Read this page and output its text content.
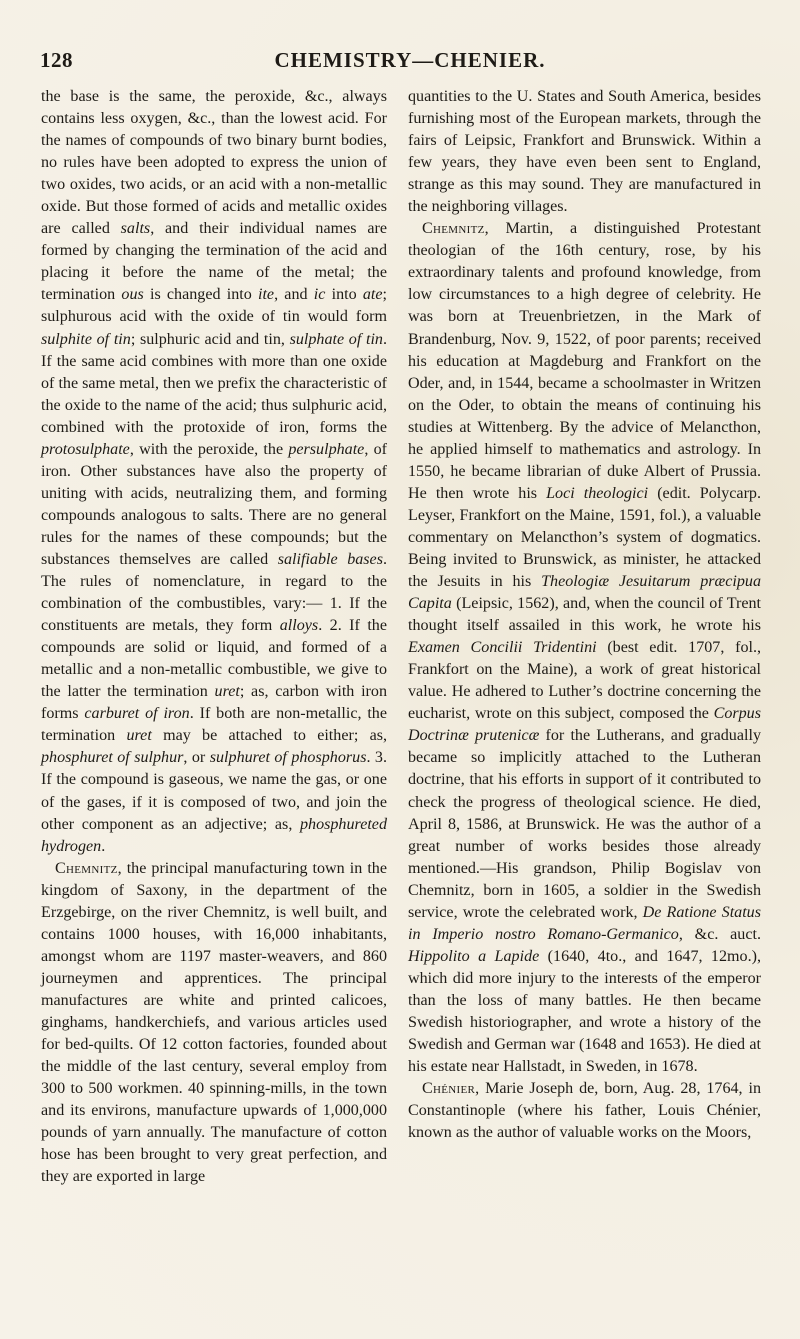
128	CHEMISTRY—CHENIER.

the base is the same, the peroxide, &c., always contains less oxygen, &c., than the lowest acid. For the names of compounds of two binary burnt bodies, no rules have been adopted to express the union of two oxides, two acids, or an acid with a non-metallic oxide. But those formed of acids and metallic oxides are called salts, and their individual names are formed by changing the termination of the acid and placing it before the name of the metal; the termination ous is changed into ite, and ic into ate; sulphurous acid with the oxide of tin would form sulphite of tin; sulphuric acid and tin, sulphate of tin. If the same acid combines with more than one oxide of the same metal, then we prefix the characteristic of the oxide to the name of the acid; thus sulphuric acid, combined with the protoxide of iron, forms the protosulphate, with the peroxide, the persulphate, of iron. Other substances have also the property of uniting with acids, neutralizing them, and forming compounds analogous to salts. There are no general rules for the names of these compounds; but the substances themselves are called salifiable bases. The rules of nomenclature, in regard to the combination of the combustibles, vary:— 1. If the constituents are metals, they form alloys. 2. If the compounds are solid or liquid, and formed of a metallic and a non-metallic combustible, we give to the latter the termination uret; as, carbon with iron forms carburet of iron. If both are non-metallic, the termination uret may be attached to either; as, phosphuret of sulphur, or sulphuret of phosphorus. 3. If the compound is gaseous, we name the gas, or one of the gases, if it is composed of two, and join the other component as an adjective; as, phosphureted hydrogen.

Chemnitz, the principal manufacturing town in the kingdom of Saxony, in the department of the Erzgebirge, on the river Chemnitz, is well built, and contains 1000 houses, with 16,000 inhabitants, amongst whom are 1197 master-weavers, and 860 journeymen and apprentices. The principal manufactures are white and printed calicoes, ginghams, handkerchiefs, and various articles used for bed-quilts. Of 12 cotton factories, founded about the middle of the last century, several employ from 300 to 500 workmen. 40 spinning-mills, in the town and its environs, manufacture upwards of 1,000,000 pounds of yarn annually. The manufacture of cotton hose has been brought to very great perfection, and they are exported in large

quantities to the U. States and South America, besides furnishing most of the European markets, through the fairs of Leipsic, Frankfort and Brunswick. Within a few years, they have even been sent to England, strange as this may sound. They are manufactured in the neighboring villages.

Chemnitz, Martin, a distinguished Protestant theologian of the 16th century, rose, by his extraordinary talents and profound knowledge, from low circumstances to a high degree of celebrity. He was born at Treuenbrietzen, in the Mark of Brandenburg, Nov. 9, 1522, of poor parents; received his education at Magdeburg and Frankfort on the Oder, and, in 1544, became a schoolmaster in Writzen on the Oder, to obtain the means of continuing his studies at Wittenberg. By the advice of Melancthon, he applied himself to mathematics and astrology. In 1550, he became librarian of duke Albert of Prussia. He then wrote his Loci theologici (edit. Polycarp. Leyser, Frankfort on the Maine, 1591, fol.), a valuable commentary on Melancthon’s system of dogmatics. Being invited to Brunswick, as minister, he attacked the Jesuits in his Theologiæ Jesuitarum præcipua Capita (Leipsic, 1562), and, when the council of Trent thought itself assailed in this work, he wrote his Examen Concilii Tridentini (best edit. 1707, fol., Frankfort on the Maine), a work of great historical value. He adhered to Luther’s doctrine concerning the eucharist, wrote on this subject, composed the Corpus Doctrinæ prutenicæ for the Lutherans, and gradually became so implicitly attached to the Lutheran doctrine, that his efforts in support of it contributed to check the progress of theological science. He died, April 8, 1586, at Brunswick. He was the author of a great number of works besides those already mentioned.—His grandson, Philip Bogislav von Chemnitz, born in 1605, a soldier in the Swedish service, wrote the celebrated work, De Ratione Status in Imperio nostro Romano-Germanico, &c. auct. Hippolito a Lapide (1640, 4to., and 1647, 12mo.), which did more injury to the interests of the emperor than the loss of many battles. He then became Swedish historiographer, and wrote a history of the Swedish and German war (1648 and 1653). He died at his estate near Hallstadt, in Sweden, in 1678.

Chénier, Marie Joseph de, born, Aug. 28, 1764, in Constantinople (where his father, Louis Chénier, known as the author of valuable works on the Moors,
